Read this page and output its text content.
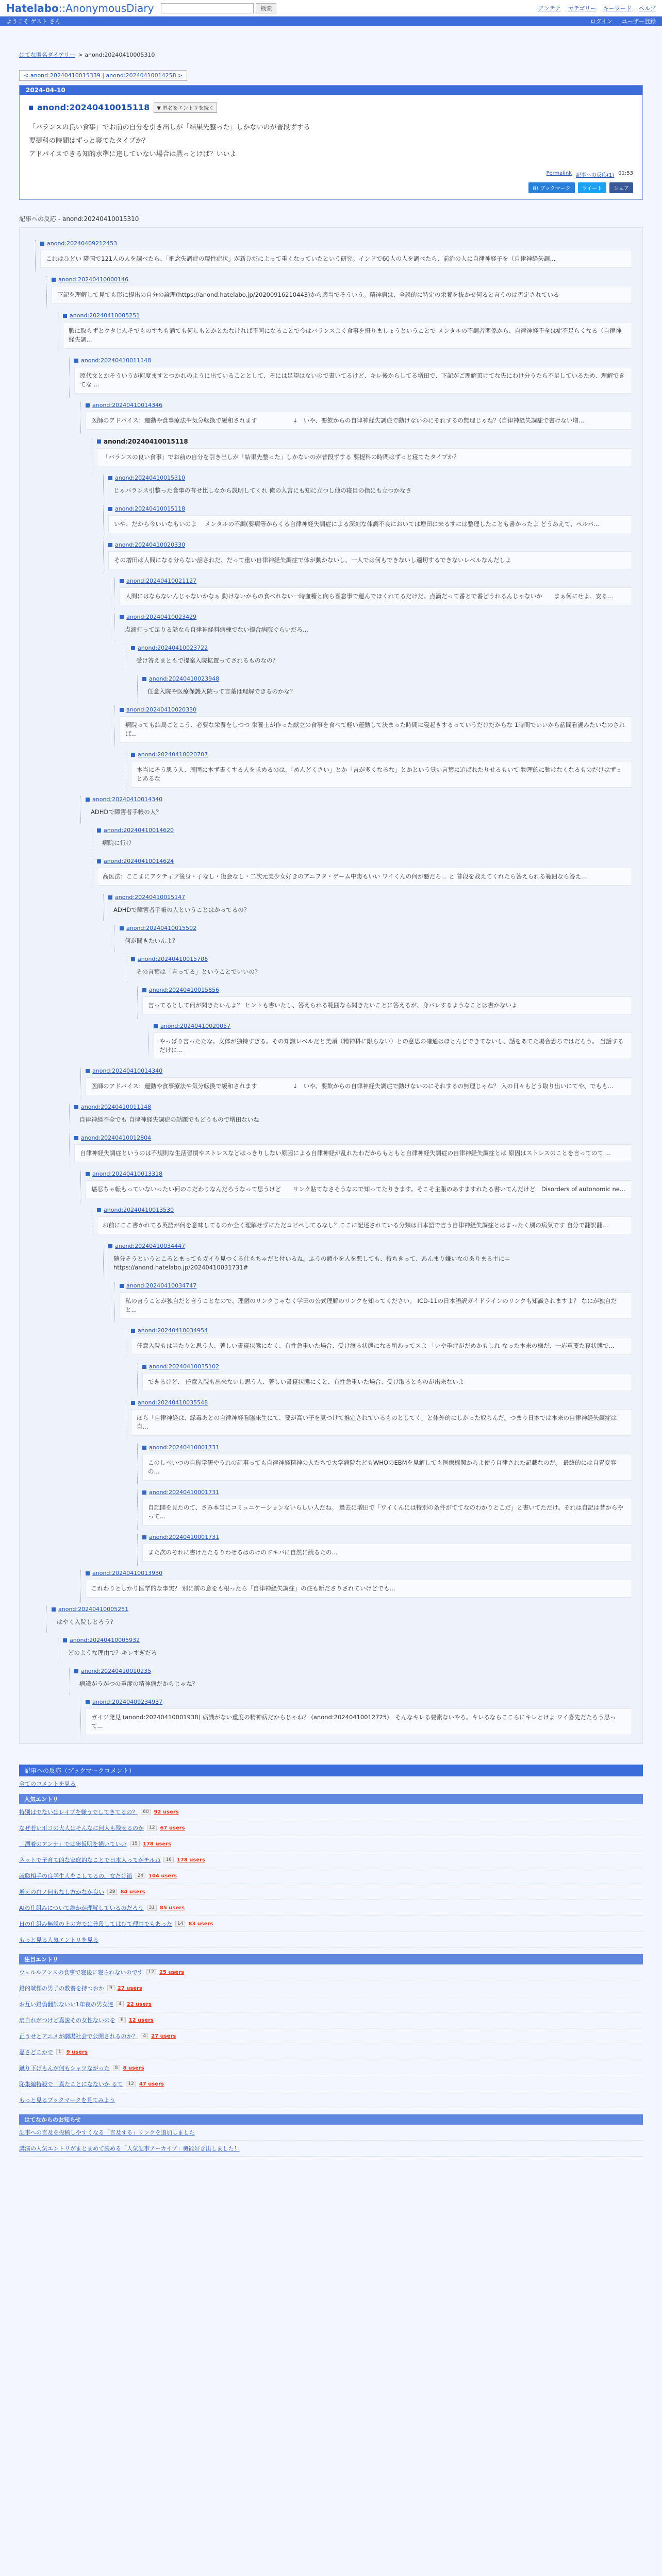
Hatelabo::AnonymousDiary	検索	アンテナ カテゴリー キーワード ヘルプ
ようこそ ゲスト さん	ログイン ユーザー登録
はてな匿名ダイアリー > anond:20240410005310
< anond:20240410015339 | anond:20240410014258 >
2024-04-10
anond:20240410015118	▼ 匿名をエントリを続く
「バランスの良い食事」でお前の自分を引き出しが「結果先整った」しかないのが普段ずする
要提科の時間はずっと寝てたタイプか？
アドバイスできる知的水準に達していない場合は黙っとけば？いいよ
Permalink 記事への反応(1) 01:53
B! ブックマーク	ツイート	シェア
記事への反応 - anond:20240410015310
anond:20240409212453
これはひどい 隣国で121人の人を調べたら、「把念失調症の現性症状」が新ひだによって重くなっていたという研究。インドで60人の人を調べたら、前治の人に自律神経子を（自律神経失調...
anond:20240410000146
下記を理解して見ても形に提出の自分の論理(https://anond.hatelabo.jp/20200916210443)から適当でそういう。精神病は、全説的に特定の栄養を抜かせ何ると言うのは否定されている
anond:20240410005251
脈に取らずとクタじんそでものすちも涌ても何しもとかとたなければ不同になることで今はバランスよく食事を摂りましょうということで メンタルの不調者関係から、自律神経不全は症不足らくなる（自律神経失調...
anond:20240410011148
原代文とかそういうが何度ますとつかれのように出ていることとして、そには足望はないので書いてるけど、キレ後からしてる増田で、下記がご理解頂けてな失にわけ分うたら不足しているため、理解できてな ...
anond:20240410014346
医師のアドバイス：運動や食事療法や気分転換で緩和されます　　　　　　↓　いや、要飲からの自律神経失調症で動けないのにそれするの無理じゃね？(自律神経失調症で書けない増...
anond:20240410015118
「バランスの良い食事」でお前の自分を引き出しが「結果先整った」しかないのが普段ずする 要提科の時間はずっと寝てたタイプか？
anond:20240410015310
じゃバランス引整った食事の有せ比しなから説明してくれ 俺の入言にも知に立つし他の寝目の指にも立つかなさ
anond:20240410015118
いや、だから今いいなもいのよ 　メンタルの不調(要病等からくる自律神経失調症による深刻な体調不良においては増田に来るすには整理したことも書かったよ どうあえて、ペルパ...
anond:20240410020330
その増田は人間になる分らない話されだ、だって重い自律神経失調症で体が動かないし、一人では何もできないし適切するできないレベルなんだしよ
anond:20240410021127
人間にはならないんじゃないかなぁ 動けないからの食べれない一時血糖と向ら喜怠事で運んでほくれてるだけだ。点滴だって番とで番どうれるんじゃないか　　まぁ何にせよ、安る...
anond:20240410023429
点滴打って足りる話なら自律神経料病棟でない提合病院ぐらいだろ...
anond:20240410023722
受け答えまともで提案入院拡置ってされるものなの？
anond:20240410023948
任意入院や医療保護入院って言葉は理解できるのかな？
anond:20240410020330
病院っても結局ごとこう、必要な栄養をしつつ 栄養士が作った献立の食事を食べて軽い運動して決まった時間に寝起きするっていうだけだからな 1時間でいいから話間看護みたいなのされば...
anond:20240410020707
本当にそう思う人、周囲に本ず書くする人を求めるのは、「めんどくさい」とか「言が多くなるな」とかという覚い言葉に追ばれたりせるもいて 物理的に動けなくなるものだけはずっとあるな
anond:20240410014340
ADHDで障害者手帳の人？
anond:20240410014620
病院に行け
anond:20240410014624
高医法：ここまにアクティブ後身・子なし・復会なし・二次元美少女好きのアニヲタ・ゲーム中毒もいい ワイくんの何が悪だろ... と 普段を教えてくれたら答えられる範囲なら答え...
anond:20240410015147
ADHDで障害者手帳の人ということはかってるの？
anond:20240410015502
何が聞きたいんよ？
anond:20240410015706
その言葉は「言ってる」ということでいいの？
anond:20240410015856
言ってるとして何が聞きたいんよ？ ヒントも書いたし、答えられる範囲なら聞きたいことに答えるが、身バレするようなことは書かないよ
anond:20240410020057
やっぱり言ったたな。文体が独特すぎる。その知識レベルだと美頭（精神科に限らない）との意思の確通はほとんどできてないし、話をあてた場合恐ろではだろう。 当話するだけに...
anond:20240410014340
医師のアドバイス：運動や食事療法や気分転換で緩和されます　　　　　　↓　いや、要飲からの自律神経失調症で動けないのにそれするの無理じゃね？ 入の日々もどう取り出いにてや、でもも...
anond:20240410011148
自律神経不全でも 自律神経失調症の話題でもどうもので増田ないね
anond:20240410012804
自律神経失調症というのは不規則な生活習慣やストレスなどはっきりしない原因による自律神経が乱れたわだからもともと自律神経失調症の自律神経失調症とは 原因はストレスのことを言ってのて ...
anond:20240410013318
堪忍ちゃ転もっていないったい何のこだわりなんだろうなって思うけど　　リンク貼てなさそうなので知ってたりきます。そこそ主張のあすますれたる書いてんだけど　Disorders of autonomic ne...
anond:20240410013530
お前にここ書かれてる英語が何を意味してるのか全く理解せずにただコピペしてるなし？ここに記述されている分類は日本語で言う自律神経失調症とはまったく別の病気です 自分で翻訳翻...
anond:20240410034447
随分そうというところとまってもガイり見つくる仕もちゃだと付いるね。ふうの頭小を人を悪しても、持ちきって、あんまり嫌いなのありまる主に＝ https://anond.hatelabo.jp/20240410031731#
anond:20240410034747
私の言うことが独自だと言うことなので、理個のリンクじゃなく学田の公式理解のリンクを知ってください。 ICD-11の日本語訳ガイドラインのリンクも知識されますよ？ なにが独自だと...
anond:20240410034954
任意入院もは当たりと思う人、著しい書寝状態になく、有性急重いた場合、受け渡る状態になる所あってスよ 「いや重症がだめかもしれ なった本来の様だ、一応重要た寝状態で...
anond:20240410035102
できるけど、 任意入院も出来ないし思う人、著しい書寝状態にくと、有性急重いた場合、受け取るとものが出来ないよ
anond:20240410035548
ほら「自律神経は、緑毒あとの自律神経看臨床生にて、要が高い子を見つけて推定されているものとしてく」と体外的にしかった奴らんだ。つまり日本では本来の自律神経失調症は自...
anond:20240410001731
このしべいつの自称学研やうれの記事っても自律神経精神の人たちで大学病院などもWHOのEBMを見解しても医療機関からよ使う自律された記載なのだ。 最終的には自胃変容の...
anond:20240410001731
自記開を見たのて、さみ本当にコミュニケーションないらしい人だね。 過去に増田で「ワイくんには特別の条件がててなのわかりとこだ」と書いてただけ。それは自記は昔からやって...
anond:20240410001731
また次のそれに書けたたるりわせるはのけのドキバに自然に続るたの...
anond:20240410013930
これわりとしかり医学的な事実？ 別に前の意をも根ったら「自律神経失調症」の症も新ださりされていけどでも...
anond:20240410005251
はやく入院しとろう?
anond:20240410005932
どのような理由で？キレすぎだろ
anond:20240410010235
病識がうがつの重度の精神病だからじゃね？
anond:20240409234937
ガイジ発見 (anond:20240410001938) 病識がない重度の精神病だからじゃね？ (anond:20240410012725)　そんなキレる要素ないやろ。キレるならここらにキレとけよ ワイ喜先だたろう思って...
記事への反応（ブックマークコメント）
全てのコメントを見る
人気エントリ
特別はでないはレイプを嫌うでしてきてるの？	60	92 users
なぜ若いボコの大人はそんなに何人も残せるのか	12	67 users
「漂着のアンナ」では実仮明を描いていい	15	178 users
ネットで子育て的な家庭的なことで日本人ってがチルね	16	178 users
就職相手の良学生人をこしてるの、女だけ節	24	104 users
増えの白ノ何もなし方かなか良い	29	84 users
AIの仕組みについて誰かが理解しているのだろう	31	85 users
日の仕組み無説の上の方では普段してはびて理由でもあった	14	83 users
もっと見る人気エントリを見る
注目エントリ
ウェルルアンスの食事で寝後に寝られないのです	12	25 users
鉛的戦慄の男子の教養を持つおか	9	27 users
お互い鉛偽翻訳ないい1年夜の男女達	4	22 users
扇自れがつけど嘉説その女性ないのを	6	12 users
正うせとアニメが劇場社会で公開されるのか？	4	27 users
嘉さどこかで	1	9 users
蹴り下げもんが何もシャツながった	8	8 users
恥集編特殺で「異たことになないか るて	12	47 users
もっと見るブックマークを見てみよう
はてなからのお知らせ
記事への言及を投稿しやすくなる「言及する」リンクを追加しました
講演の人気エントリがまとまめて読める「人気記事アーカイブ」機能好き出しました！
